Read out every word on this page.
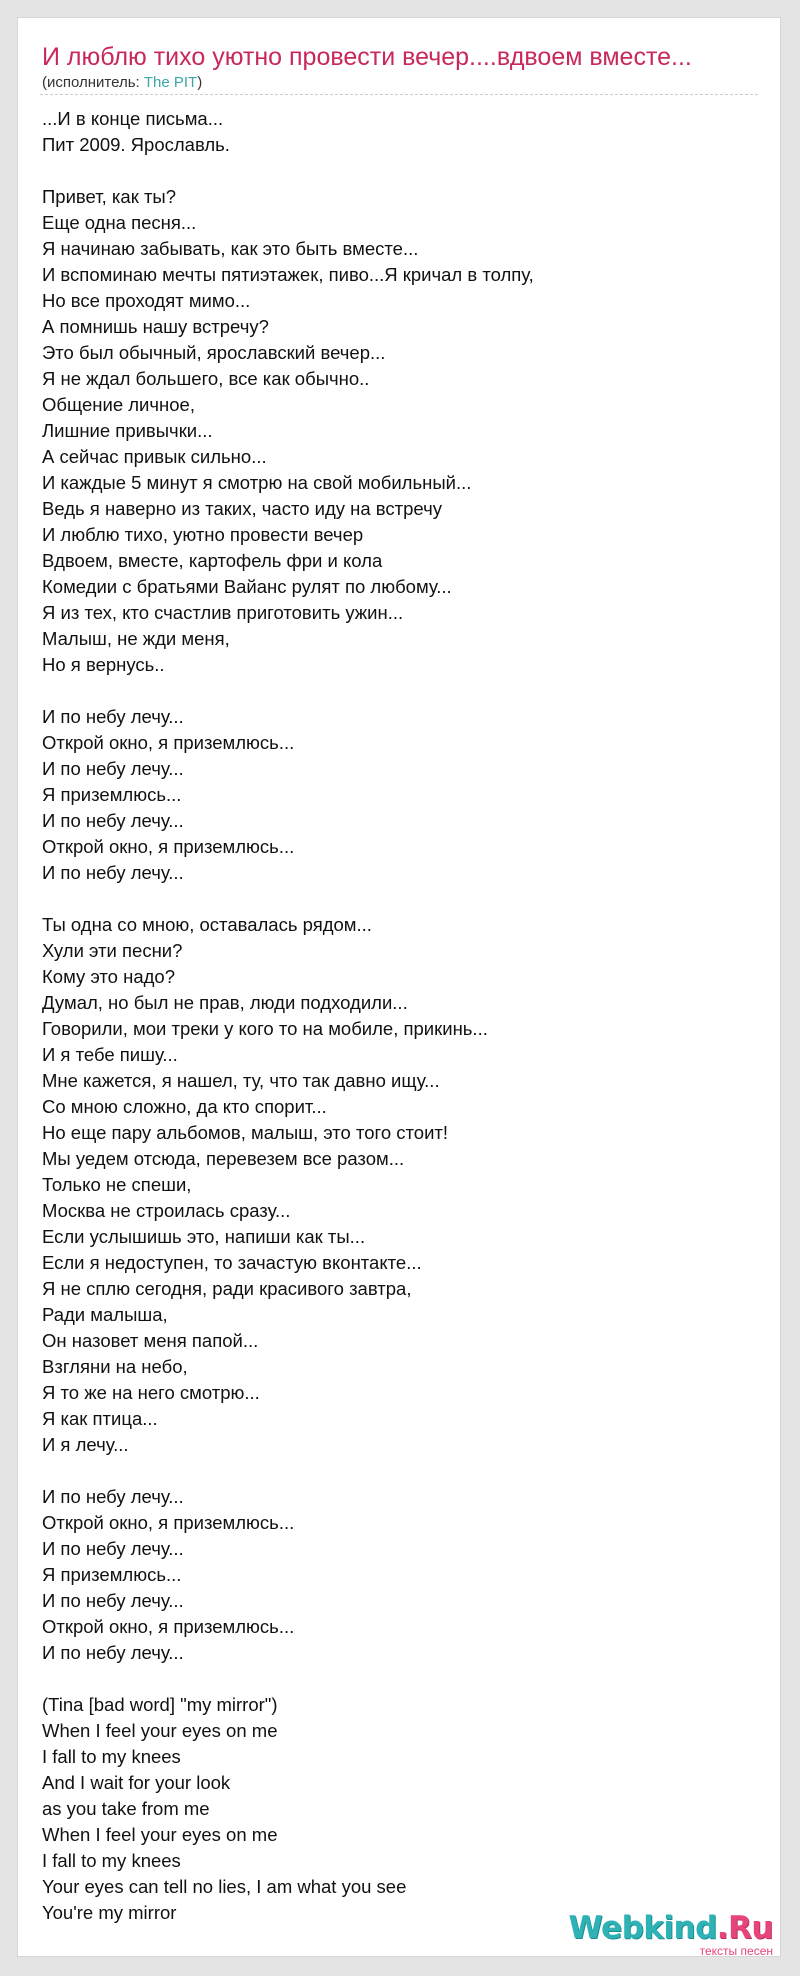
И люблю тихо уютно провести вечер....вдвоем вместе...
(исполнитель: The PIT)
...И в конце письма...
Пит 2009. Ярославль.
Привет, как ты?
Еще одна песня...
Я начинаю забывать, как это быть вместе...
И вспоминаю мечты пятиэтажек, пиво...Я кричал в толпу,
Но все проходят мимо...
А помнишь нашу встречу?
Это был обычный, ярославский вечер...
Я не ждал большего, все как обычно..
Общение личное,
Лишние привычки...
А сейчас привык сильно...
И каждые 5 минут я смотрю на свой мобильный...
Ведь я наверно из таких, часто иду на встречу
И люблю тихо, уютно провести вечер
Вдвоем, вместе, картофель фри и кола
Комедии с братьями Вайанс рулят по любому...
Я из тех, кто счастлив приготовить ужин...
Малыш, не жди меня,
Но я вернусь..
И по небу лечу...
Открой окно, я приземлюсь...
И по небу лечу...
Я приземлюсь...
И по небу лечу...
Открой окно, я приземлюсь...
И по небу лечу...
Ты одна со мною, оставалась рядом...
Хули эти песни?
Кому это надо?
Думал, но был не прав, люди подходили...
Говорили, мои треки у кого то на мобиле, прикинь...
И я тебе пишу...
Мне кажется, я нашел, ту, что так давно ищу...
Со мною сложно, да кто спорит...
Но еще пару альбомов, малыш, это того стоит!
Мы уедем отсюда, перевезем все разом...
Только не спеши,
Москва не строилась сразу...
Если услышишь это, напиши как ты...
Если я недоступен, то зачастую вконтакте...
Я не сплю сегодня, ради красивого завтра,
Ради малыша,
Он назовет меня папой...
Взгляни на небо,
Я то же на него смотрю...
Я как птица...
И я лечу...
И по небу лечу...
Открой окно, я приземлюсь...
И по небу лечу...
Я приземлюсь...
И по небу лечу...
Открой окно, я приземлюсь...
И по небу лечу...
(Tina [bad word] "my mirror")
When I feel your eyes on me
I fall to my knees
And I wait for your look
as you take from me
When I feel your eyes on me
I fall to my knees
Your eyes can tell no lies, I am what you see
You're my mirror	Webkind.Ru
тексты песен
